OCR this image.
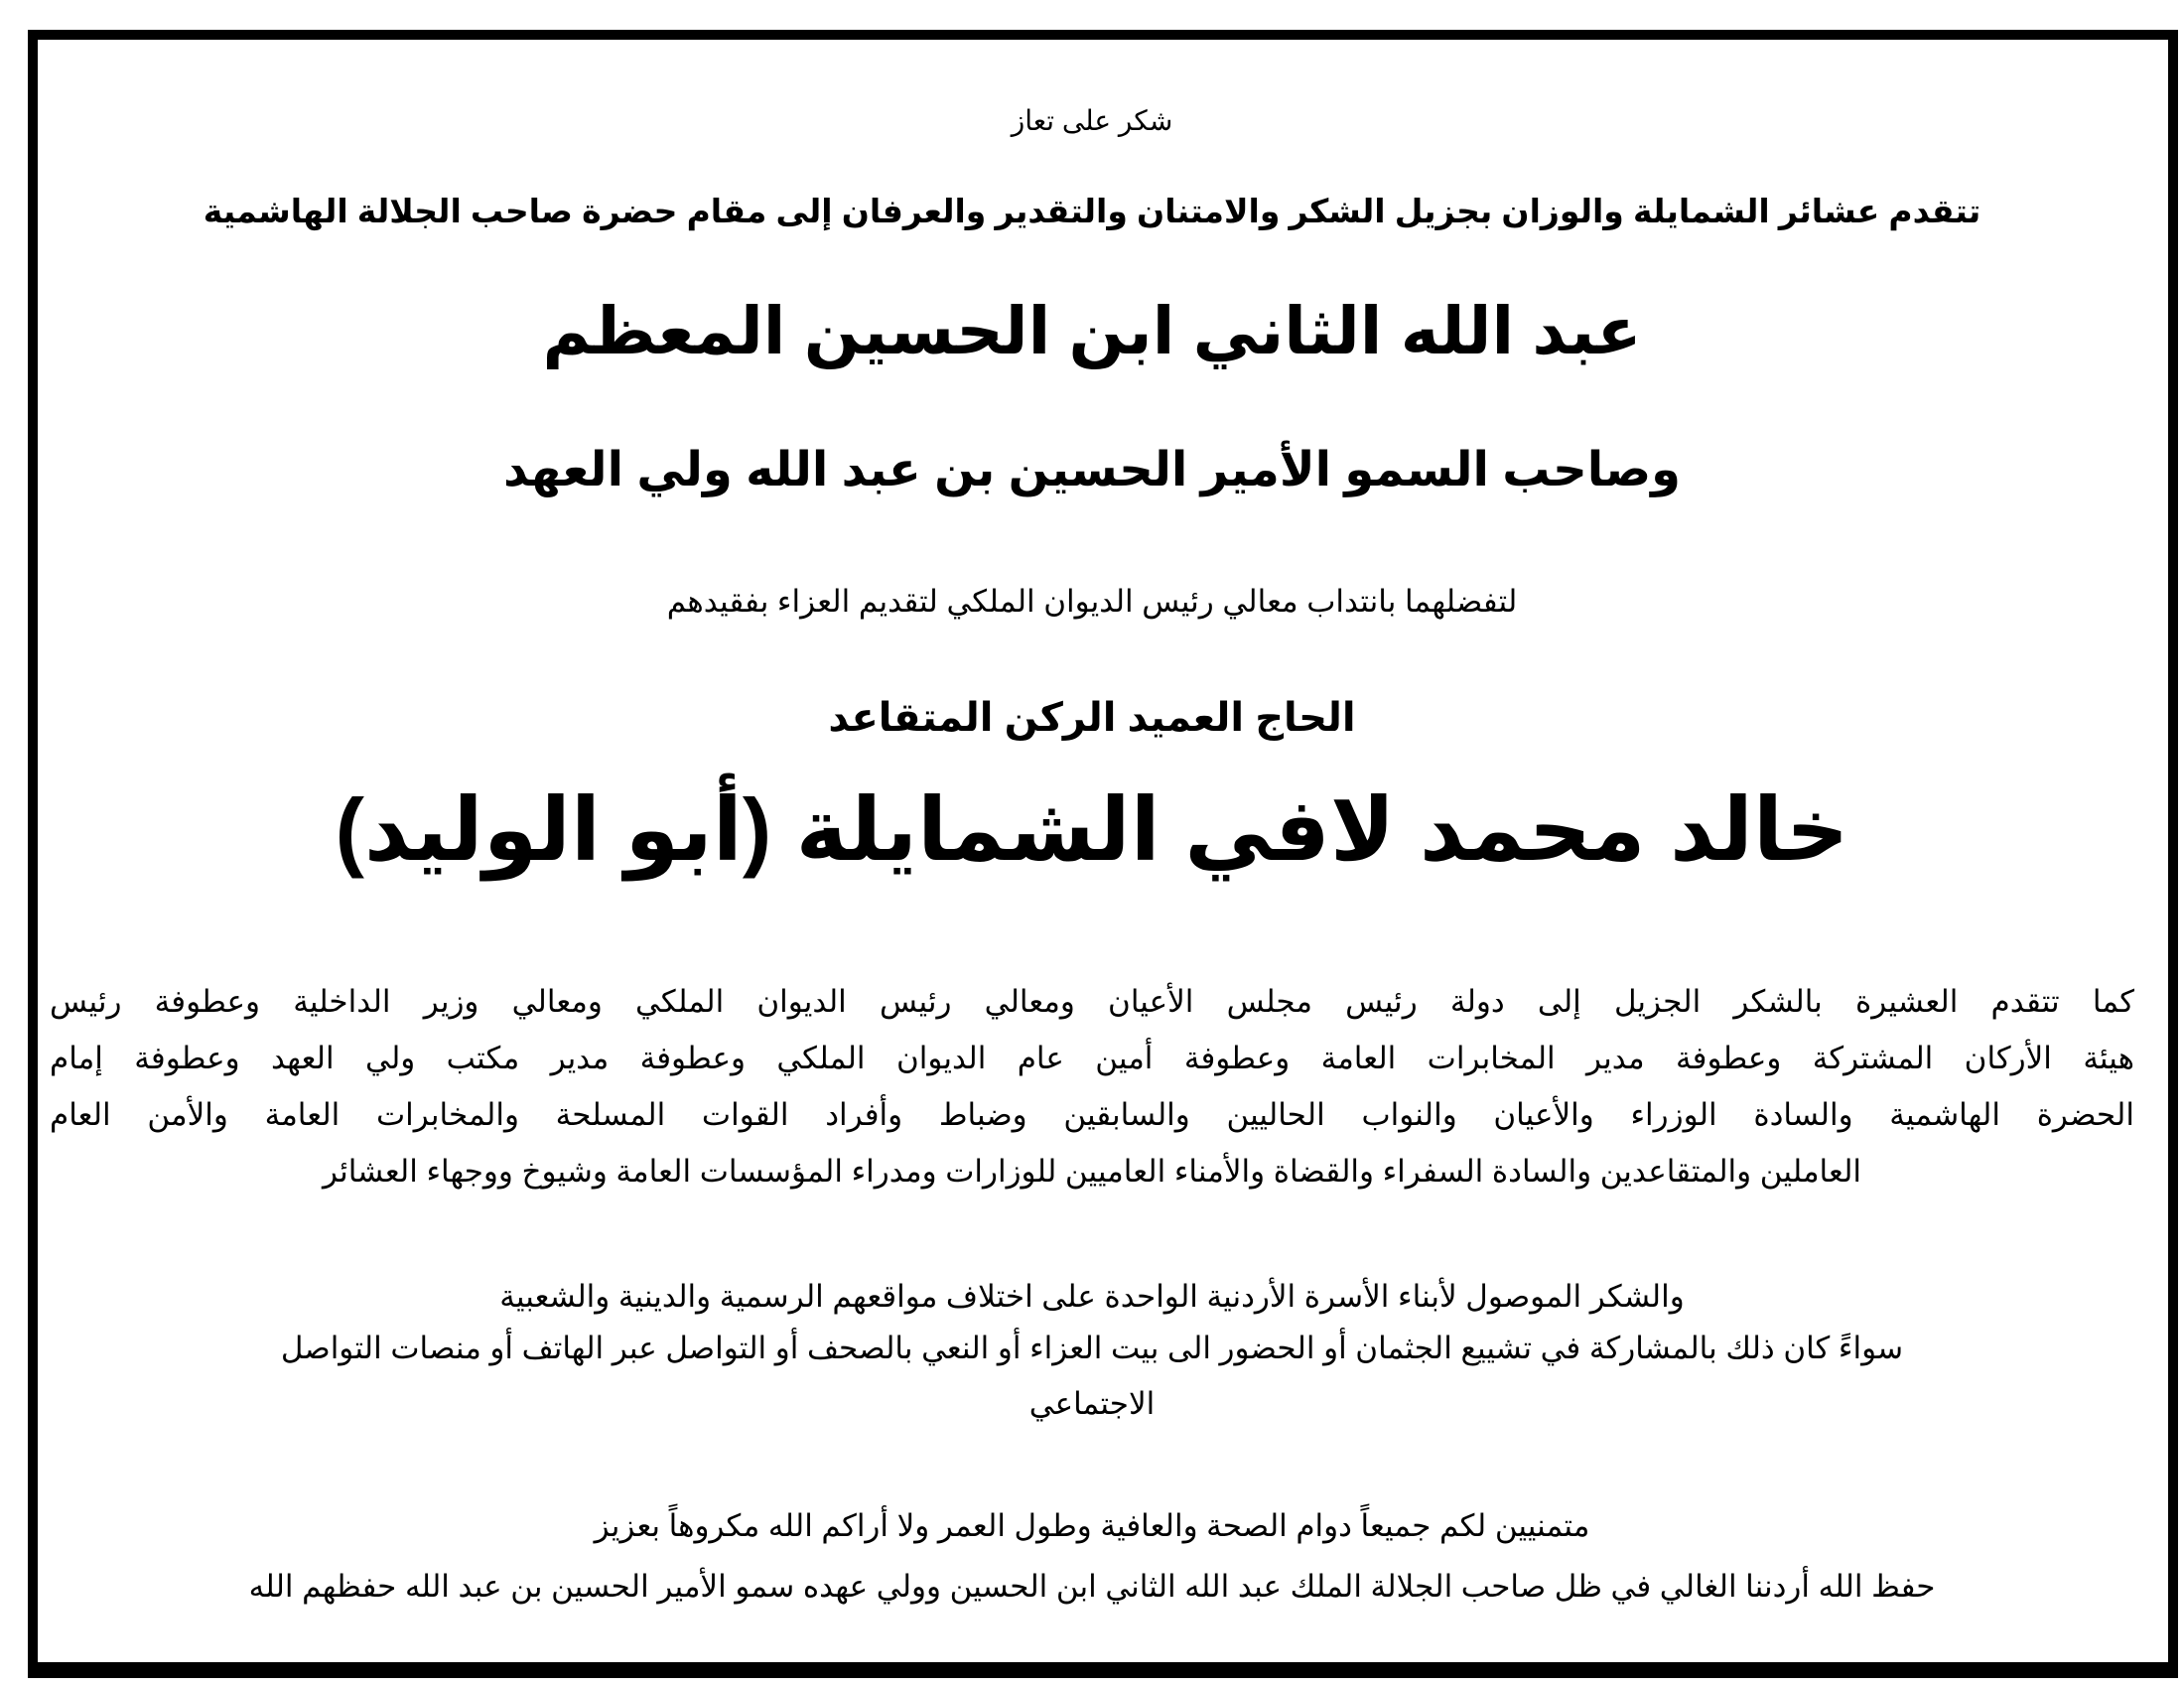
شكر على تعاز
تتقدم عشائر الشمايلة والوزان بجزيل الشكر والامتنان والتقدير والعرفان إلى مقام حضرة صاحب الجلالة الهاشمية
عبد الله الثاني ابن الحسين المعظم
وصاحب السمو الأمير الحسين بن عبد الله ولي العهد
لتفضلهما بانتداب معالي رئيس الديوان الملكي لتقديم العزاء بفقيدهم
الحاج العميد الركن المتقاعد
خالد محمد لافي الشمايلة (أبو الوليد)
كما تتقدم العشيرة بالشكر الجزيل إلى دولة رئيس مجلس الأعيان ومعالي رئيس الديوان الملكي ومعالي وزير الداخلية وعطوفة رئيس
هيئة الأركان المشتركة وعطوفة مدير المخابرات العامة وعطوفة أمين عام الديوان الملكي وعطوفة مدير مكتب ولي العهد وعطوفة إمام
الحضرة الهاشمية والسادة الوزراء والأعيان والنواب الحاليين والسابقين وضباط وأفراد القوات المسلحة والمخابرات العامة والأمن العام
العاملين والمتقاعدين والسادة السفراء والقضاة والأمناء العاميين للوزارات ومدراء المؤسسات العامة وشيوخ ووجهاء العشائر
والشكر الموصول لأبناء الأسرة الأردنية الواحدة على اختلاف مواقعهم الرسمية والدينية والشعبية
سواءً كان ذلك بالمشاركة في تشييع الجثمان أو الحضور الى بيت العزاء أو النعي بالصحف أو التواصل عبر الهاتف أو منصات التواصل
الاجتماعي
متمنيين لكم جميعاً دوام الصحة والعافية وطول العمر ولا أراكم الله مكروهاً بعزيز
حفظ الله أردننا الغالي في ظل صاحب الجلالة الملك عبد الله الثاني ابن الحسين وولي عهده سمو الأمير الحسين بن عبد الله حفظهم الله
